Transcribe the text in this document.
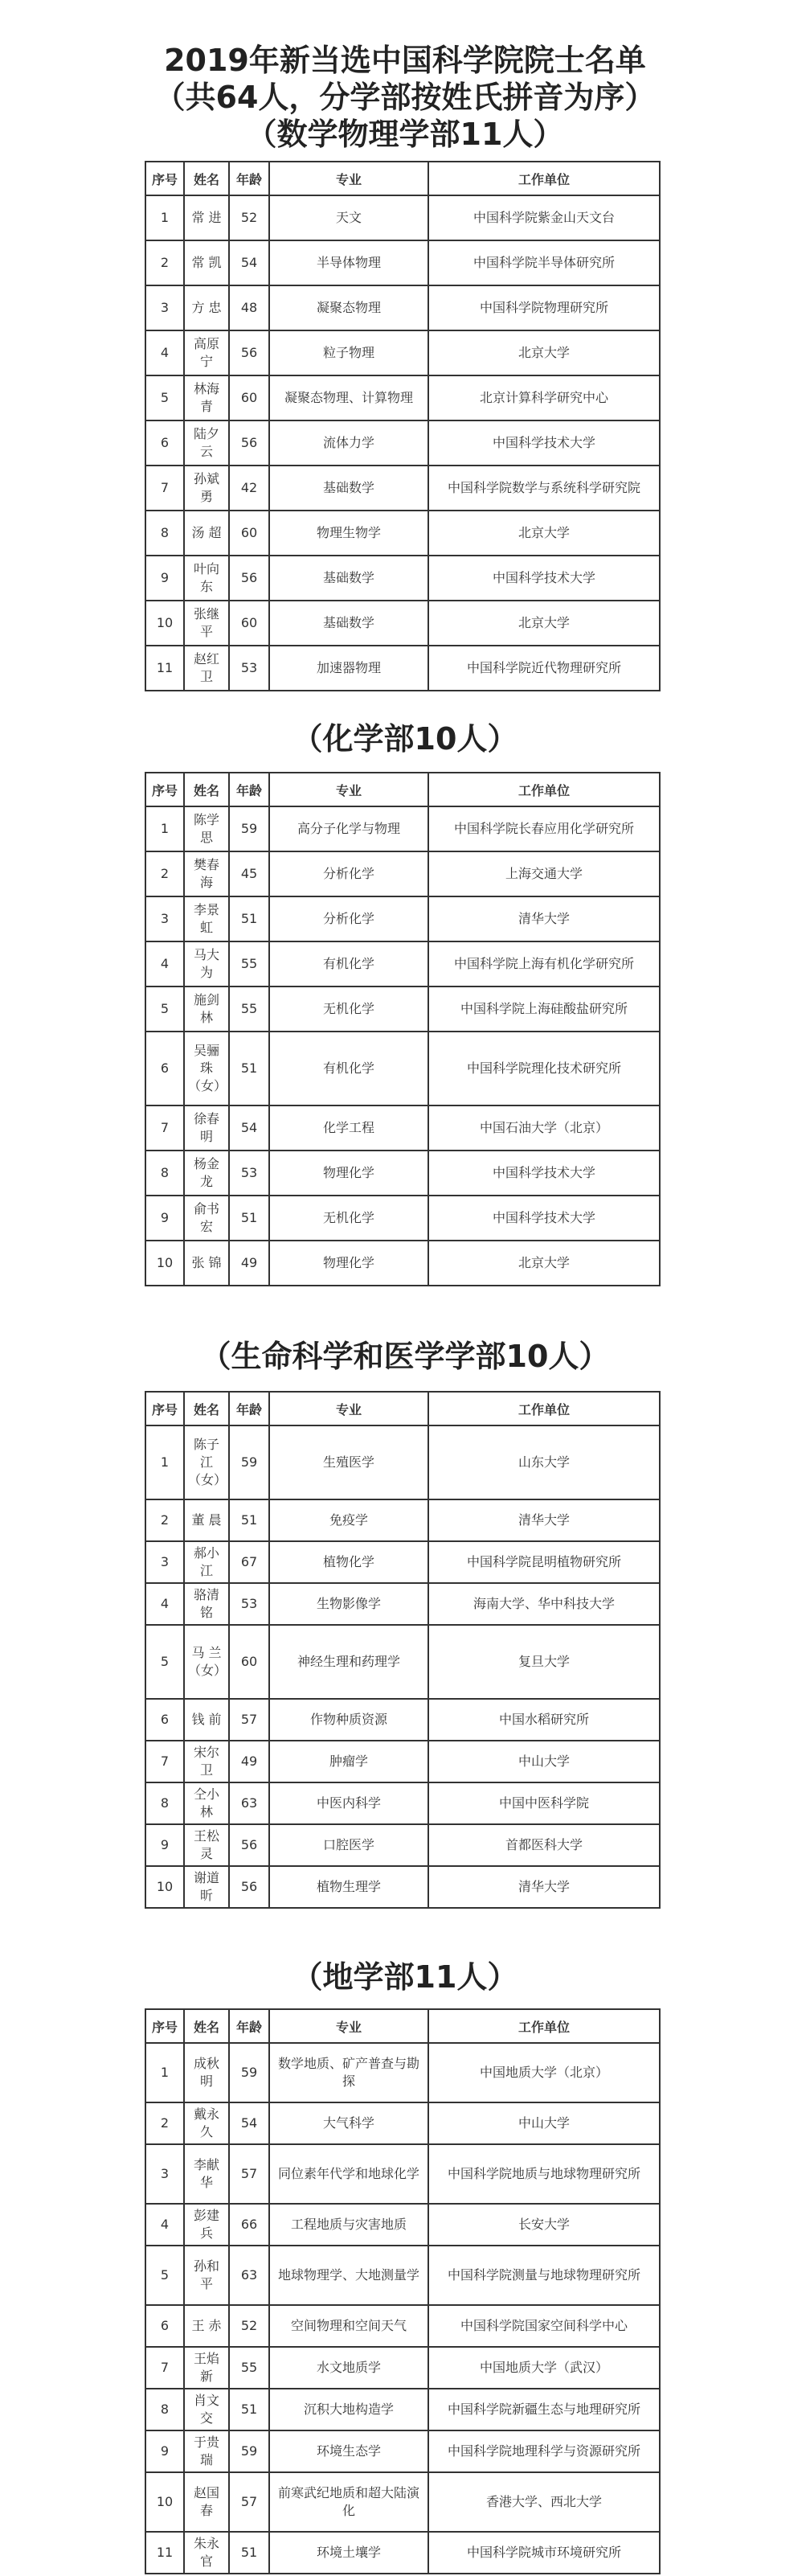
2019年新当选中国科学院院士名单
（共64人，分学部按姓氏拼音为序）
（数学物理学部11人）
序号	姓名	年龄	专业	工作单位
1	常 进	52	天文	中国科学院紫金山天文台
2	常 凯	54	半导体物理	中国科学院半导体研究所
3	方 忠	48	凝聚态物理	中国科学院物理研究所
4	高原宁	56	粒子物理	北京大学
5	林海青	60	凝聚态物理、计算物理	北京计算科学研究中心
6	陆夕云	56	流体力学	中国科学技术大学
7	孙斌勇	42	基础数学	中国科学院数学与系统科学研究院
8	汤 超	60	物理生物学	北京大学
9	叶向东	56	基础数学	中国科学技术大学
10	张继平	60	基础数学	北京大学
11	赵红卫	53	加速器物理	中国科学院近代物理研究所
（化学部10人）
序号	姓名	年龄	专业	工作单位
1	陈学思	59	高分子化学与物理	中国科学院长春应用化学研究所
2	樊春海	45	分析化学	上海交通大学
3	李景虹	51	分析化学	清华大学
4	马大为	55	有机化学	中国科学院上海有机化学研究所
5	施剑林	55	无机化学	中国科学院上海硅酸盐研究所
6	吴骊珠（女）	51	有机化学	中国科学院理化技术研究所
7	徐春明	54	化学工程	中国石油大学（北京）
8	杨金龙	53	物理化学	中国科学技术大学
9	俞书宏	51	无机化学	中国科学技术大学
10	张 锦	49	物理化学	北京大学
（生命科学和医学学部10人）
序号	姓名	年龄	专业	工作单位
1	陈子江（女）	59	生殖医学	山东大学
2	董 晨	51	免疫学	清华大学
3	郝小江	67	植物化学	中国科学院昆明植物研究所
4	骆清铭	53	生物影像学	海南大学、华中科技大学
5	马 兰（女）	60	神经生理和药理学	复旦大学
6	钱 前	57	作物种质资源	中国水稻研究所
7	宋尔卫	49	肿瘤学	中山大学
8	仝小林	63	中医内科学	中国中医科学院
9	王松灵	56	口腔医学	首都医科大学
10	谢道昕	56	植物生理学	清华大学
（地学部11人）
序号	姓名	年龄	专业	工作单位
1	成秋明	59	数学地质、矿产普查与勘探	中国地质大学（北京）
2	戴永久	54	大气科学	中山大学
3	李献华	57	同位素年代学和地球化学	中国科学院地质与地球物理研究所
4	彭建兵	66	工程地质与灾害地质	长安大学
5	孙和平	63	地球物理学、大地测量学	中国科学院测量与地球物理研究所
6	王 赤	52	空间物理和空间天气	中国科学院国家空间科学中心
7	王焰新	55	水文地质学	中国地质大学（武汉）
8	肖文交	51	沉积大地构造学	中国科学院新疆生态与地理研究所
9	于贵瑞	59	环境生态学	中国科学院地理科学与资源研究所
10	赵国春	57	前寒武纪地质和超大陆演化	香港大学、西北大学
11	朱永官	51	环境土壤学	中国科学院城市环境研究所
